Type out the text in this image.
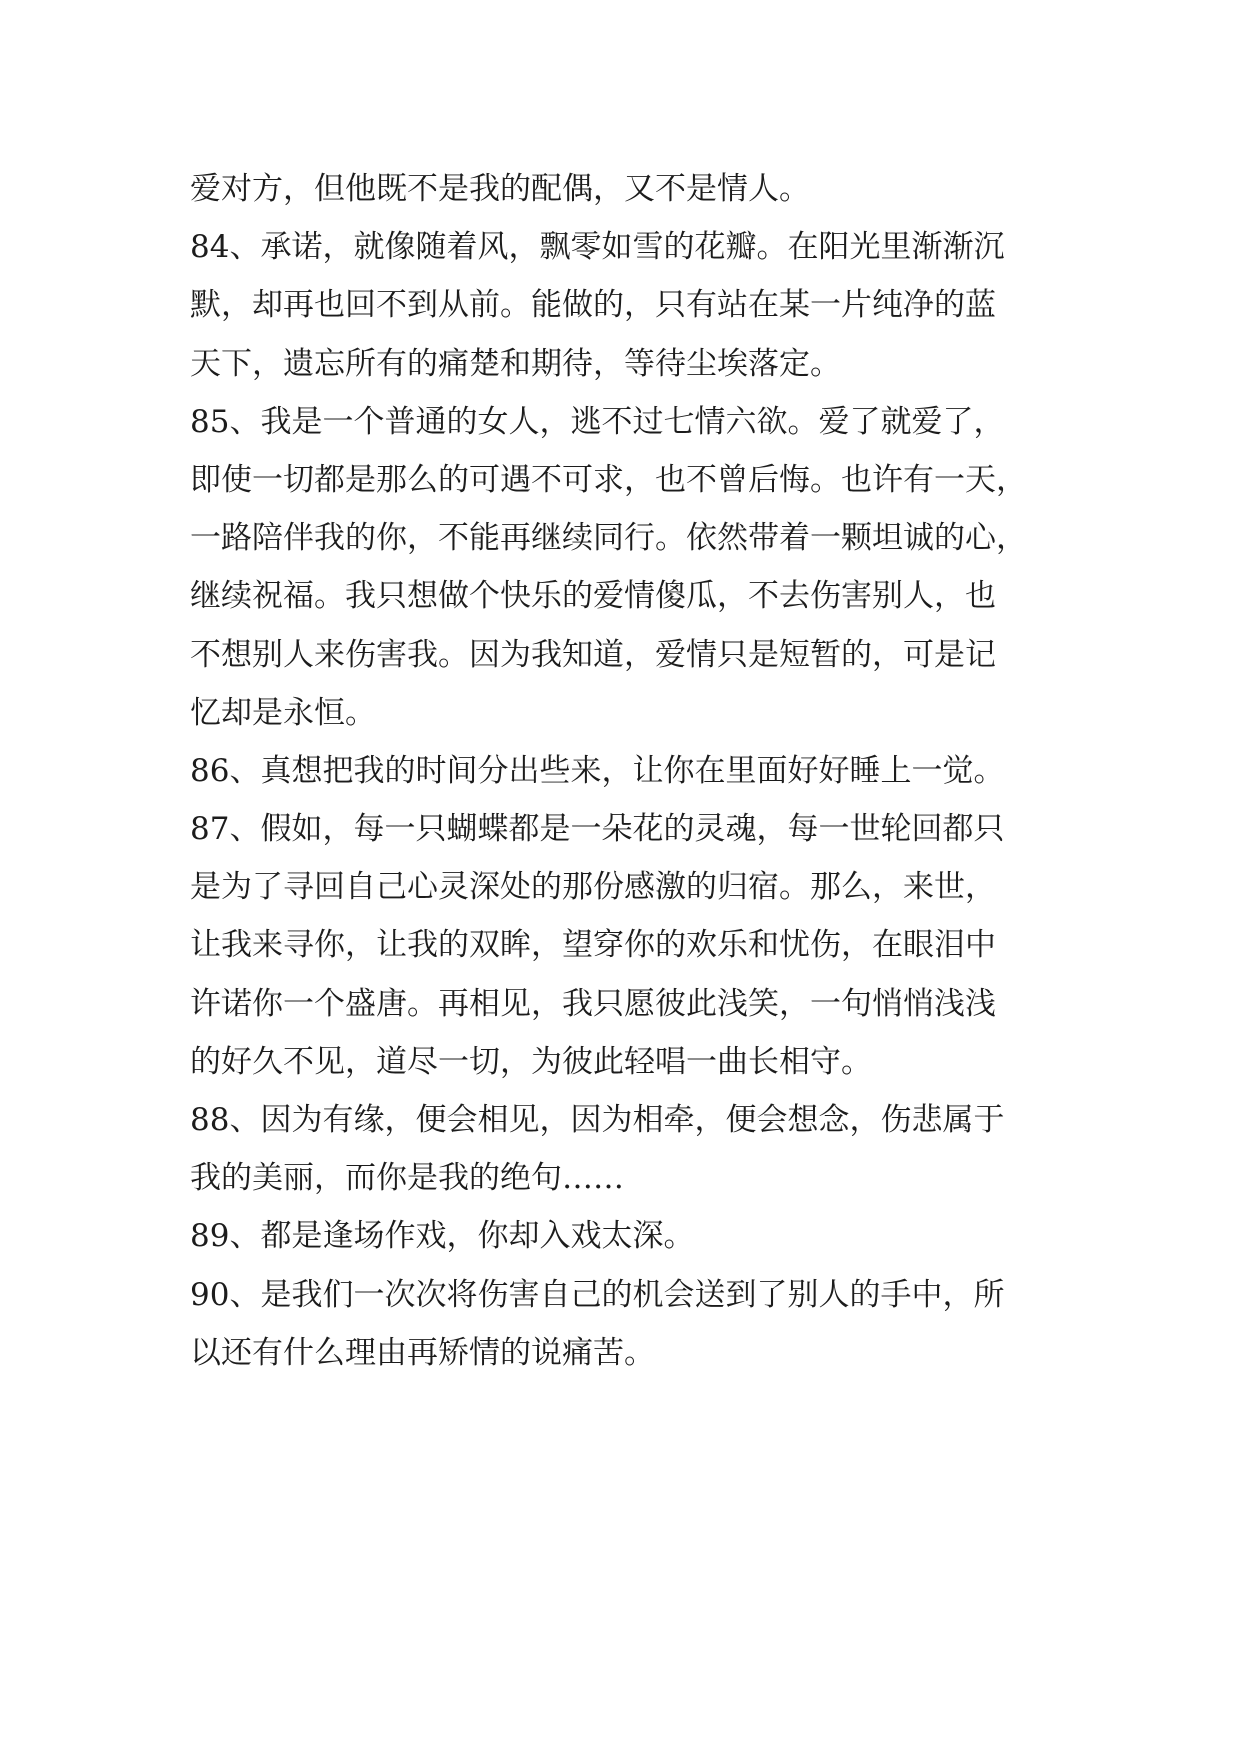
爱对方，但他既不是我的配偶，又不是情人。
84、承诺，就像随着风，飘零如雪的花瓣。在阳光里渐渐沉
默，却再也回不到从前。能做的，只有站在某一片纯净的蓝
天下，遗忘所有的痛楚和期待，等待尘埃落定。
85、我是一个普通的女人，逃不过七情六欲。爱了就爱了，
即使一切都是那么的可遇不可求，也不曾后悔。也许有一天，
一路陪伴我的你，不能再继续同行。依然带着一颗坦诚的心，
继续祝福。我只想做个快乐的爱情傻瓜，不去伤害别人，也
不想别人来伤害我。因为我知道，爱情只是短暂的，可是记
忆却是永恒。
86、真想把我的时间分出些来，让你在里面好好睡上一觉。
87、假如，每一只蝴蝶都是一朵花的灵魂，每一世轮回都只
是为了寻回自己心灵深处的那份感激的归宿。那么，来世，
让我来寻你，让我的双眸，望穿你的欢乐和忧伤，在眼泪中
许诺你一个盛唐。再相见，我只愿彼此浅笑，一句悄悄浅浅
的好久不见，道尽一切，为彼此轻唱一曲长相守。
88、因为有缘，便会相见，因为相牵，便会想念，伤悲属于
我的美丽，而你是我的绝句……
89、都是逢场作戏，你却入戏太深。
90、是我们一次次将伤害自己的机会送到了别人的手中，所
以还有什么理由再矫情的说痛苦。
